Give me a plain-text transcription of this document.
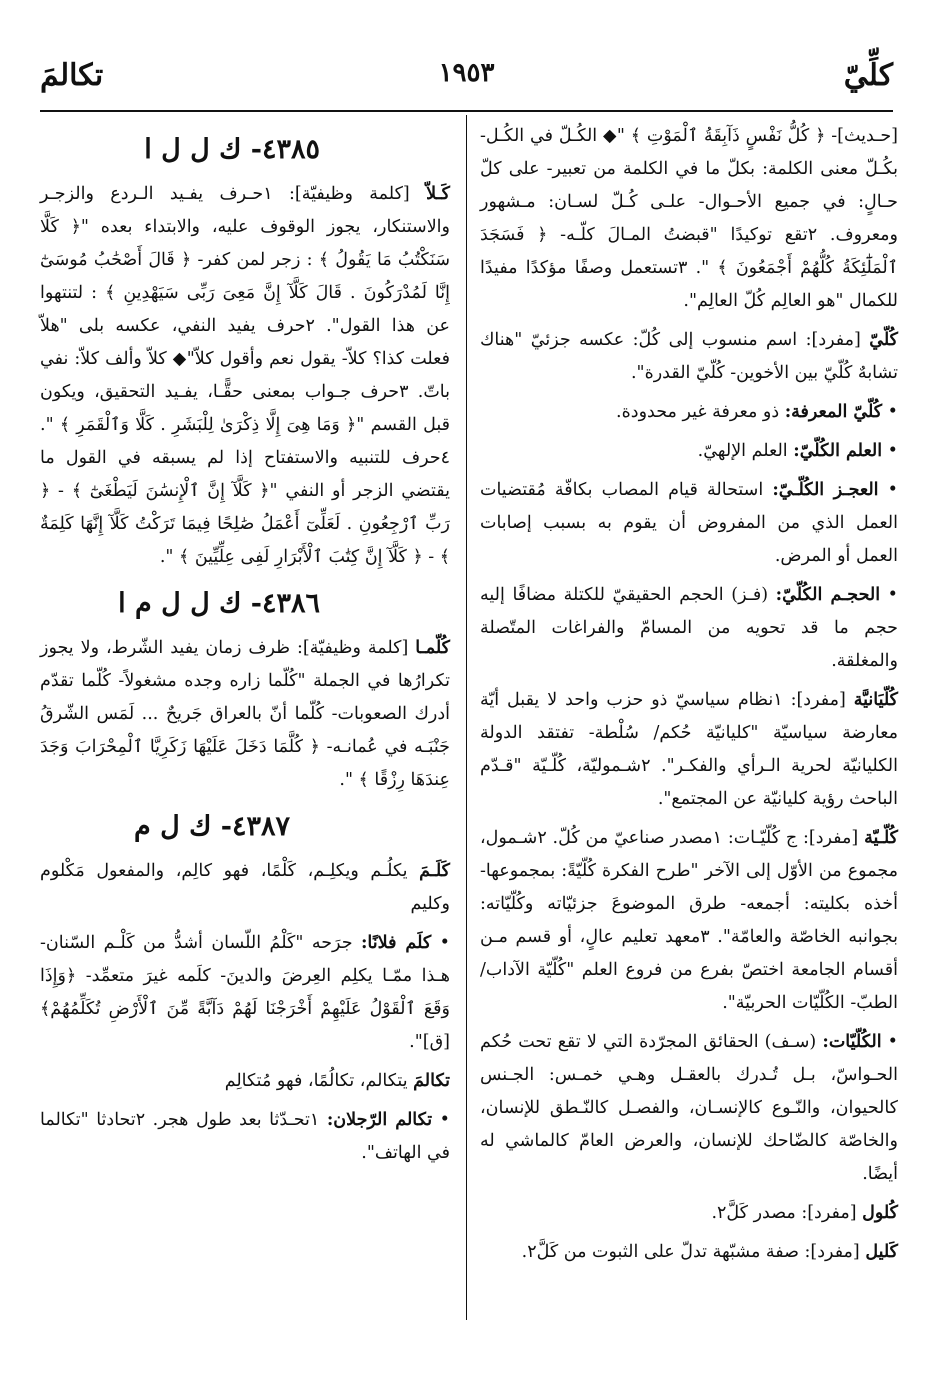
كلِّيّ
١٩٥٣
تكالمَ

[حـديث]- ﴿ كُلُّ نَفْسٍ ذَآبِقَةُ ٱلْمَوْتِ ﴾ "◆ الكُـلّ في الكُـل- بكُـلّ معنى الكلمة: بكلّ ما في الكلمة من تعبير- على كلّ حـالٍ: في جميع الأحـوال- علـى كُـلّ لسـان: مـشهور ومعروف. ٢تقع توكيدًا "قبضتُ المـالَ كلّـه- ﴿ فَسَجَدَ ٱلْمَلَٰٓئِكَةُ كُلُّهُمْ أَجْمَعُونَ ﴾ ". ٣تستعمل وصفًا مؤكدًا مفيدًا للكمال "هو العالِم كُلّ العالِم".

كُلّيّ [مفرد]: اسم منسوب إلى كُلّ: عكسه جزئيّ "هناك تشابهٌ كُلّيّ بين الأخوين- كُلّيّ القدرة".

• كُلّيّ المعرفة: ذو معرفة غير محدودة.

• العلم الكُلّيّ: العلم الإلهيّ.

• العجـز الكُلّـيّ: استحالة قيام المصاب بكافّة مُقتضيات العمل الذي من المفروض أن يقوم به بسبب إصابات العمل أو المرض.

• الحجـم الكُلّيّ: (فـز) الحجم الحقيقيّ للكتلة مضافًا إليه حجم ما قد تحويه من المسامّ والفراغات المتّصلة والمغلقة.

كُلّيَانيَّة [مفرد]: ١نظام سياسيّ ذو حزب واحد لا يقبل أيّة معارضة سياسيّة "كليانيّة حُكم/ سُلْطة- تفتقد الدولة الكليانيّة لحرية الـرأي والفكـر". ٢شـموليّة، كُلّـيّة "قـدّم الباحث رؤية كليانيّة عن المجتمع".

كُلّـيّة [مفرد]: ج كُلّيّـات: ١مصدر صناعيّ من كُلّ. ٢شـمول، مجموع من الأوّل إلى الآخر "طرح الفكرة كُلّيّةً: بمجموعها- أخذه بكليته: أجمعه- طرق الموضوعَ جزئيّاته وكُلّيّاته: بجوانبه الخاصّة والعامّة". ٣معهد تعليم عالٍ، أو قسم مـن أقسام الجامعة اختصّ بفرع من فروع العلم "كُلّيّة الآداب/ الطبّ- الكُلّيّات الحربيّة".

• الكُلّيّات: (سـف) الحقائق المجرّدة التي لا تقع تحت حُكم الحـواسّ، بـل تُـدرك بالعقـل وهـي خمـس: الجـنس كالحيوان، والنّـوع كالإنسـان، والفصـل كالنّـطق للإنسان، والخاصّة كالضّاحك للإنسان، والعرض العامّ كالماشي له أيضًا.

كُلول [مفرد]: مصدر كَلَّ٢.

كَليل [مفرد]: صفة مشبّهة تدلّ على الثبوت من كَلَّ٢.

٤٣٨٥- ك ل ل ا

كَـلاّ [كلمة وظيفيّة]: ١حـرف يفـيد الـردع والزجـر والاستنكار، يجوز الوقوف عليه، والابتداء بعده "﴿ كَلَّا سَنَكْتُبُ مَا يَقُولُ ﴾ : زجر لمن كفر- ﴿ قَالَ أَصْحَٰبُ مُوسَىٰٓ إِنَّا لَمُدْرَكُونَ . قَالَ كَلَّآ إِنَّ مَعِىَ رَبِّى سَيَهْدِينِ ﴾ : لتنتهوا عن هذا القول". ٢حرف يفيد النفي، عكسه بلى "هلاّ فعلت كذا؟ كلاّ- يقول نعم وأقول كلاّ"◆ كلاّ وألف كلاّ: نفي باتّ. ٣حرف جـواب بمعنى حقًّـا، يفـيد التحقيق، ويكون قبل القسم "﴿ وَمَا هِىَ إِلَّا ذِكْرَىٰ لِلْبَشَرِ . كَلَّا وَٱلْقَمَرِ ﴾ ". ٤حرف للتنبيه والاستفتاح إذا لم يسبقه في القول ما يقتضي الزجر أو النفي "﴿ كَلَّآ إِنَّ ٱلْإِنسَٰنَ لَيَطْغَىٰٓ ﴾ - ﴿ رَبِّ ٱرْجِعُونِ . لَعَلِّىٓ أَعْمَلُ صَٰلِحًا فِيمَا تَرَكْتُ كَلَّآ إِنَّهَا كَلِمَةٌ ﴾ - ﴿ كَلَّآ إِنَّ كِتَٰبَ ٱلْأَبْرَارِ لَفِى عِلِّيِّينَ ﴾ ".

٤٣٨٦- ك ل ل م ا

كُلّمـا [كلمة وظيفيّة]: ظرف زمان يفيد الشّرط، ولا يجوز تكرارُها في الجملة "كُلّما زاره وجده مشغولاً- كُلّما تقدّم أدرك الصعوبات- كُلّما أنّ بالعراق جَريحٌ ... لَمَس الشّرقُ جَنْبَـه في عُمانـه- ﴿ كُلَّمَا دَخَلَ عَلَيْهَا زَكَرِيَّا ٱلْمِحْرَابَ وَجَدَ عِندَهَا رِزْقًا ﴾ ".

٤٣٨٧- ك ل م

كَلَـمَ يكلُـم ويكلِـم، كَلْمًا، فهو كالِم، والمفعول مَكْلوم وكليم

• كلَم فلانًا: جرَحه "كَلْمُ اللّسان أشدُّ من كَلْـم السّنان- هـذا ممّـا يكلِم العِرضَ والدينَ- كلَمه غيرَ متعمِّد- ﴿وَإِذَا وَقَعَ ٱلْقَوْلُ عَلَيْهِمْ أَخْرَجْنَا لَهُمْ دَآبَّةً مِّنَ ٱلْأَرْضِ تُكَلِّمُهُمْ﴾ [ق]".

تكالمَ يتكالم، تكالُمًا، فهو مُتكالِم

• تكالم الرّجلان: ١تحـدّثا بعد طول هجر. ٢تحادثا "تكالما في الهاتف".
